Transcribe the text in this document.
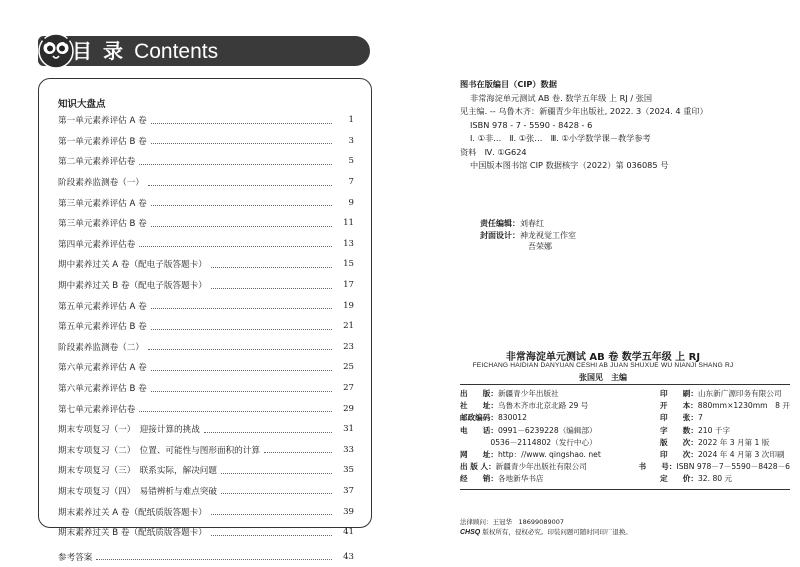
目 录 Contents
知识大盘点
第一单元素养评估 A 卷	1
第一单元素养评估 B 卷	3
第二单元素养评估卷	5
阶段素养监测卷（一）	7
第三单元素养评估 A 卷	9
第三单元素养评估 B 卷	11
第四单元素养评估卷	13
期中素养过关 A 卷（配电子版答题卡）	15
期中素养过关 B 卷（配电子版答题卡）	17
第五单元素养评估 A 卷	19
第五单元素养评估 B 卷	21
阶段素养监测卷（二）	23
第六单元素养评估 A 卷	25
第六单元素养评估 B 卷	27
第七单元素养评估卷	29
期末专项复习（一）　迎接计算的挑战	31
期末专项复习（二）　位置、可能性与图形面积的计算	33
期末专项复习（三）　联系实际，解决问题	35
期末专项复习（四）　易错辨析与难点突破	37
期末素养过关 A 卷（配纸质版答题卡）	39
期末素养过关 B 卷（配纸质版答题卡）	41
参考答案	43
图书在版编目（CIP）数据
非常海淀单元测试 AB 卷. 数学五年级 上 RJ / 张国
见主编. -- 乌鲁木齐：新疆青少年出版社, 2022. 3（2024. 4 重印）
ISBN 978 - 7 - 5590 - 8428 - 6
Ⅰ. ①非…　Ⅱ. ①张…　Ⅲ. ①小学数学课－教学参考
资料　Ⅳ. ①G624
中国版本图书馆 CIP 数据核字（2022）第 036085 号
责任编辑：刘春红
封面设计：神龙视觉工作室
吾荣娜
非常海淀单元测试 AB 卷 数学五年级 上 RJ
FEICHANG HAIDIAN DANYUAN CESHI AB JUAN SHUXUE WU NIANJI SHANG RJ
张国见　主编
出　　版：新疆青少年出版社	印　　刷：山东新广源印务有限公司
社　　址：乌鲁木齐市北京北路 29 号	开　　本：880mm×1230mm　8 开
邮政编码：830012	印　　张：7
电　　话：0991－6239228（编辑部）	字　　数：210 千字
　　　　0536－2114802（发行中心）	版　　次：2022 年 3 月第 1 版
网　　址：http：//www. qingshao. net	印　　次：2024 年 4 月第 3 次印刷
出 版 人：新疆青少年出版社有限公司	书　　号：ISBN 978－7－5590－8428－6
经　　销：各地新华书店	定　　价：32. 80 元
法律顾问：王冠华　18699089007
CHSQ 版权所有，侵权必究。印装问题可随时同印厂退换。
